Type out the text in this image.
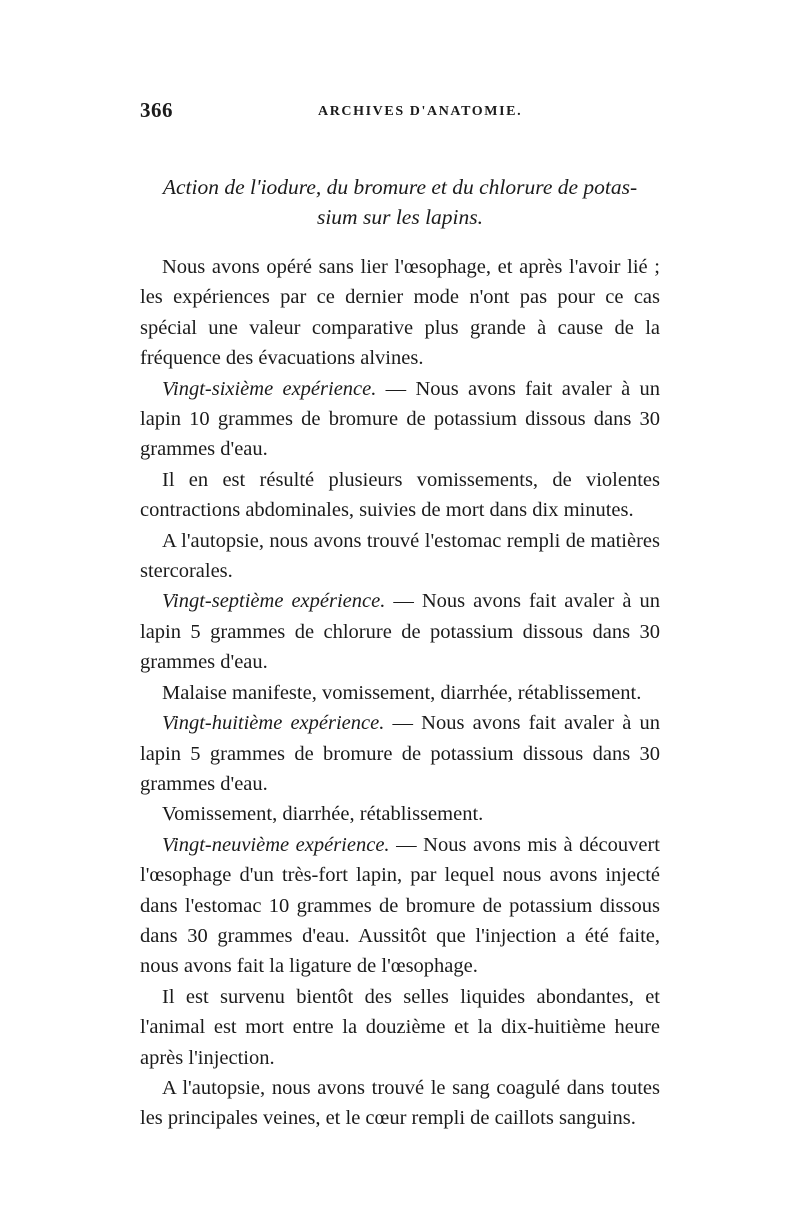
366	ARCHIVES D'ANATOMIE.
Action de l'iodure, du bromure et du chlorure de potas-
sium sur les lapins.

Nous avons opéré sans lier l'œsophage, et après l'avoir lié ; les expériences par ce dernier mode n'ont pas pour ce cas spécial une valeur comparative plus grande à cause de la fréquence des évacuations alvines.

Vingt-sixième expérience. — Nous avons fait avaler à un lapin 10 grammes de bromure de potassium dissous dans 30 grammes d'eau.

Il en est résulté plusieurs vomissements, de violentes contractions abdominales, suivies de mort dans dix minutes.

A l'autopsie, nous avons trouvé l'estomac rempli de matières stercorales.

Vingt-septième expérience. — Nous avons fait avaler à un lapin 5 grammes de chlorure de potassium dissous dans 30 grammes d'eau.

Malaise manifeste, vomissement, diarrhée, rétablissement.

Vingt-huitième expérience. — Nous avons fait avaler à un lapin 5 grammes de bromure de potassium dissous dans 30 grammes d'eau.

Vomissement, diarrhée, rétablissement.

Vingt-neuvième expérience. — Nous avons mis à découvert l'œsophage d'un très-fort lapin, par lequel nous avons injecté dans l'estomac 10 grammes de bromure de potassium dissous dans 30 grammes d'eau. Aussitôt que l'injection a été faite, nous avons fait la ligature de l'œsophage.

Il est survenu bientôt des selles liquides abondantes, et l'animal est mort entre la douzième et la dix-huitième heure après l'injection.

A l'autopsie, nous avons trouvé le sang coagulé dans toutes les principales veines, et le cœur rempli de caillots sanguins.
